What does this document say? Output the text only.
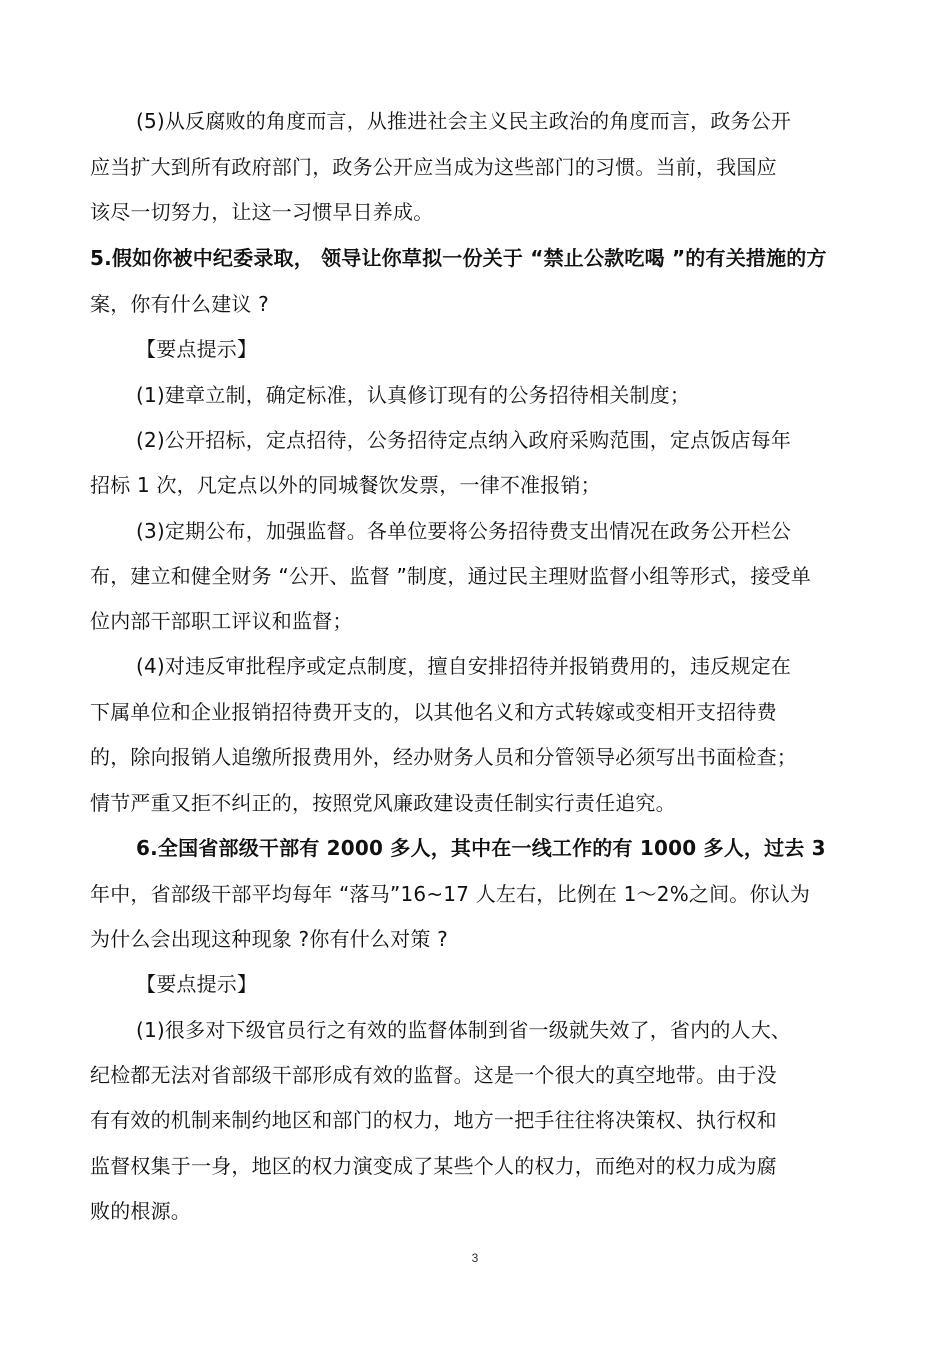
(5)从反腐败的角度而言，从推进社会主义民主政治的角度而言，政务公开
应当扩大到所有政府部门，政务公开应当成为这些部门的习惯。当前，我国应
该尽一切努力，让这一习惯早日养成。
5.假如你被中纪委录取， 领导让你草拟一份关于 “禁止公款吃喝 ”的有关措施的方
案，你有什么建议 ?
【要点提示】
(1)建章立制，确定标准，认真修订现有的公务招待相关制度；
(2)公开招标，定点招待，公务招待定点纳入政府采购范围，定点饭店每年
招标 1 次，凡定点以外的同城餐饮发票，一律不准报销；
(3)定期公布，加强监督。各单位要将公务招待费支出情况在政务公开栏公
布，建立和健全财务 “公开、监督 ”制度，通过民主理财监督小组等形式，接受单
位内部干部职工评议和监督；
(4)对违反审批程序或定点制度，擅自安排招待并报销费用的，违反规定在
下属单位和企业报销招待费开支的，以其他名义和方式转嫁或变相开支招待费
的，除向报销人追缴所报费用外，经办财务人员和分管领导必须写出书面检查；
情节严重又拒不纠正的，按照党风廉政建设责任制实行责任追究。
6.全国省部级干部有 2000 多人，其中在一线工作的有 1000 多人，过去 3
年中，省部级干部平均每年 “落马”16~17 人左右，比例在 1～2%之间。你认为
为什么会出现这种现象 ?你有什么对策 ?
【要点提示】
(1)很多对下级官员行之有效的监督体制到省一级就失效了，省内的人大、
纪检都无法对省部级干部形成有效的监督。这是一个很大的真空地带。由于没
有有效的机制来制约地区和部门的权力，地方一把手往往将决策权、执行权和
监督权集于一身，地区的权力演变成了某些个人的权力，而绝对的权力成为腐
败的根源。
3
